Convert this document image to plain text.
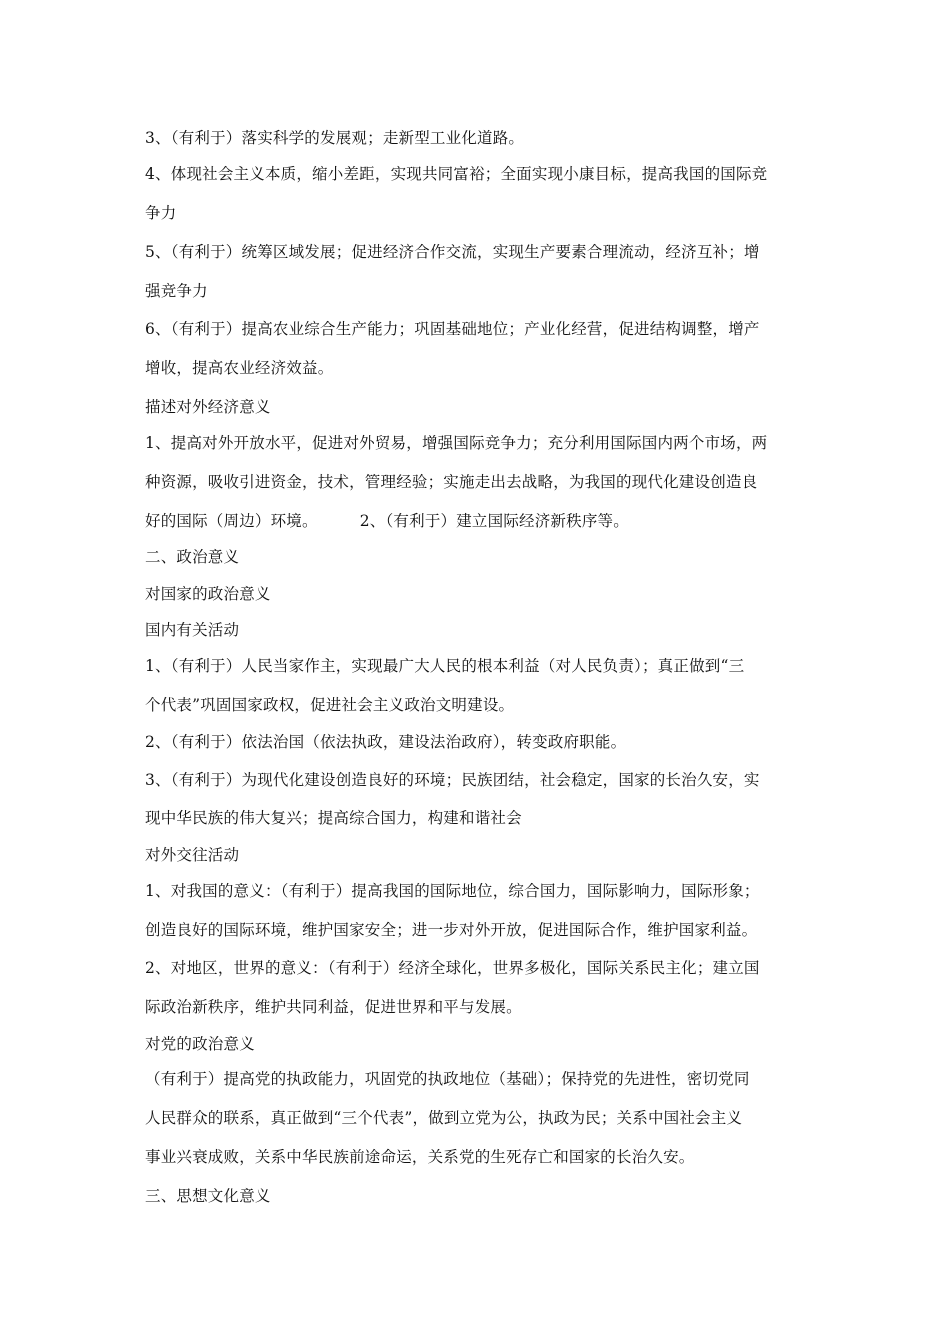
3、（有利于）落实科学的发展观；走新型工业化道路。
4、体现社会主义本质，缩小差距，实现共同富裕；全面实现小康目标，提高我国的国际竞
争力
5、（有利于）统筹区域发展；促进经济合作交流，实现生产要素合理流动，经济互补；增
强竞争力
6、（有利于）提高农业综合生产能力；巩固基础地位；产业化经营，促进结构调整，增产
增收，提高农业经济效益。
描述对外经济意义
1、提高对外开放水平，促进对外贸易，增强国际竞争力；充分利用国际国内两个市场，两
种资源，吸收引进资金，技术，管理经验；实施走出去战略，为我国的现代化建设创造良
好的国际（周边）环境。	2、（有利于）建立国际经济新秩序等。
二、政治意义
对国家的政治意义
国内有关活动
1、（有利于）人民当家作主，实现最广大人民的根本利益（对人民负责）；真正做到“三
个代表”巩固国家政权，促进社会主义政治文明建设。
2、（有利于）依法治国（依法执政，建设法治政府），转变政府职能。
3、（有利于）为现代化建设创造良好的环境；民族团结，社会稳定，国家的长治久安，实
现中华民族的伟大复兴；提高综合国力，构建和谐社会
对外交往活动
1、对我国的意义：（有利于）提高我国的国际地位，综合国力，国际影响力，国际形象；
创造良好的国际环境，维护国家安全；进一步对外开放，促进国际合作，维护国家利益。
2、对地区，世界的意义：（有利于）经济全球化，世界多极化，国际关系民主化；建立国
际政治新秩序，维护共同利益，促进世界和平与发展。
对党的政治意义
（有利于）提高党的执政能力，巩固党的执政地位（基础）；保持党的先进性，密切党同
人民群众的联系，真正做到“三个代表”，做到立党为公，执政为民；关系中国社会主义
事业兴衰成败，关系中华民族前途命运，关系党的生死存亡和国家的长治久安。
三、思想文化意义
